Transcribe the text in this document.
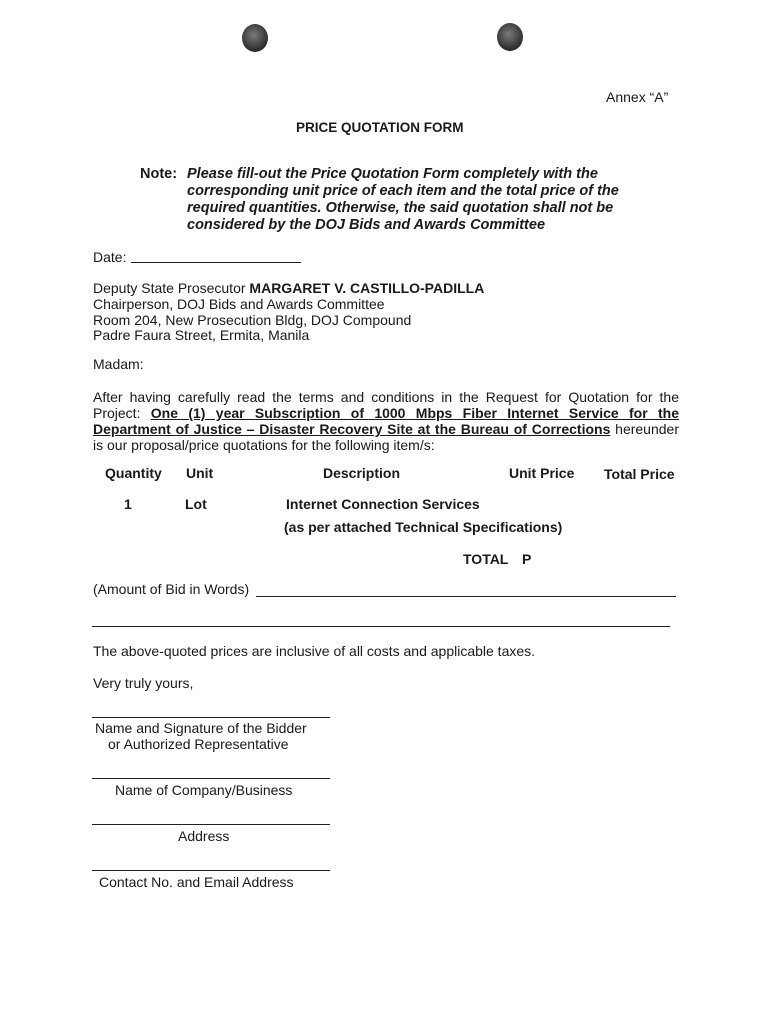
Annex “A”
PRICE QUOTATION FORM
Note: Please fill-out the Price Quotation Form completely with the corresponding unit price of each item and the total price of the required quantities. Otherwise, the said quotation shall not be considered by the DOJ Bids and Awards Committee
Date:
Deputy State Prosecutor MARGARET V. CASTILLO-PADILLA
Chairperson, DOJ Bids and Awards Committee
Room 204, New Prosecution Bldg, DOJ Compound
Padre Faura Street, Ermita, Manila
Madam:
After having carefully read the terms and conditions in the Request for Quotation for the Project: One (1) year Subscription of 1000 Mbps Fiber Internet Service for the Department of Justice – Disaster Recovery Site at the Bureau of Corrections hereunder is our proposal/price quotations for the following item/s:
Quantity Unit	Description	Unit Price Total Price
1	Lot	Internet Connection Services
(as per attached Technical Specifications)
TOTAL P
(Amount of Bid in Words)
The above-quoted prices are inclusive of all costs and applicable taxes.
Very truly yours,
Name and Signature of the Bidder
or Authorized Representative
Name of Company/Business
Address
Contact No. and Email Address
